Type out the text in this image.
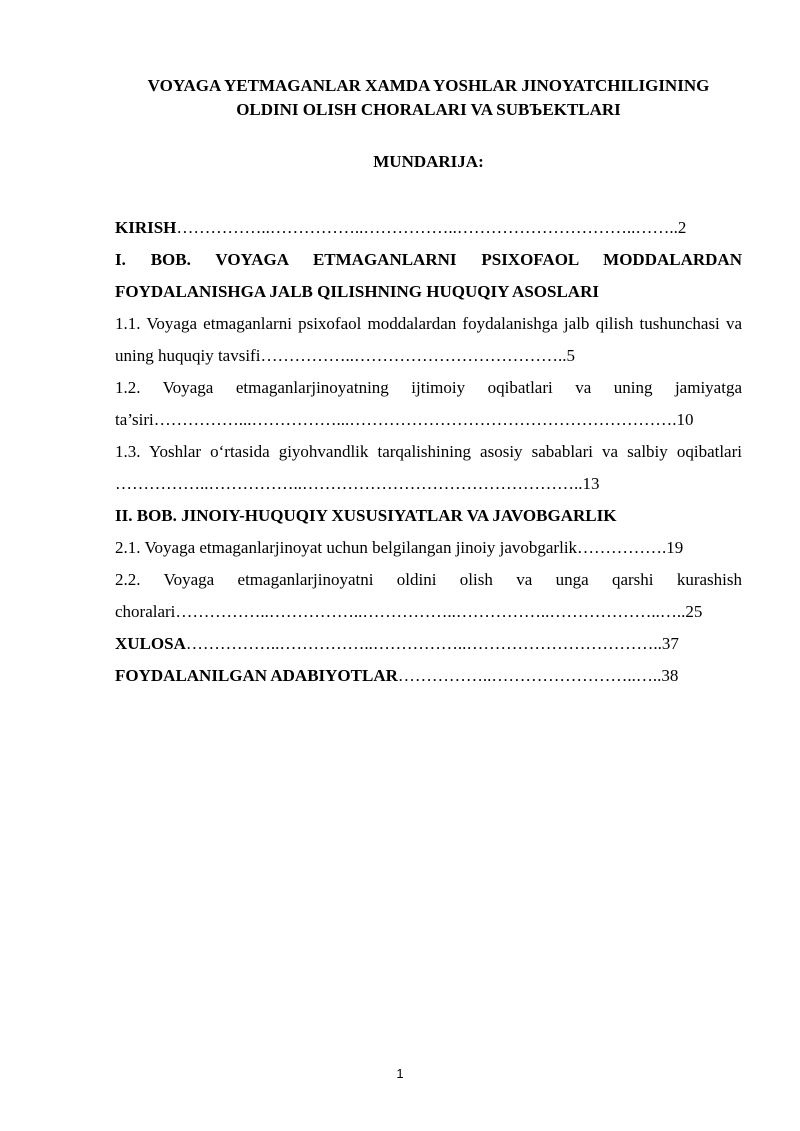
VOYAGA YETMAGANLAR XAMDA YOSHLAR JINOYATCHILIGINING
OLDINI OLISH CHORALARI VA SUBЪEKTLARI
MUNDARIJA:
KIRISH……………..……………..……………..…………………………..……..2
I. BOB. VOYAGA ETMAGANLARNI PSIXOFAOL MODDALARDAN FOYDALANISHGA JALB QILISHNING HUQUQIY ASOSLARI
1.1. Voyaga etmaganlarni psixofaol moddalardan foydalanishga jalb qilish tushunchasi va uning huquqiy tavsifi……………..………………………………..5
1.2. Voyaga etmaganlarjinoyatning ijtimoiy oqibatlari va uning jamiyatga ta’siri……………...……………...………………………………………………….10
1.3. Yoshlar o‘rtasida giyohvandlik tarqalishining asosiy sabablari va salbiy oqibatlari ……………..……………..…………………………………………..13
II. BOB. JINOIY-HUQUQIY XUSUSIYATLAR VA JAVOBGARLIK
2.1. Voyaga etmaganlarjinoyat uchun belgilangan jinoiy javobgarlik…………….19
2.2. Voyaga etmaganlarjinoyatni oldini olish va unga qarshi kurashish choralari……………..……………..……………..……………..………………..…..25
XULOSA……………..……………..……………..……………………………..37
FOYDALANILGAN ADABIYOTLAR……………..……………………..…..38
1
